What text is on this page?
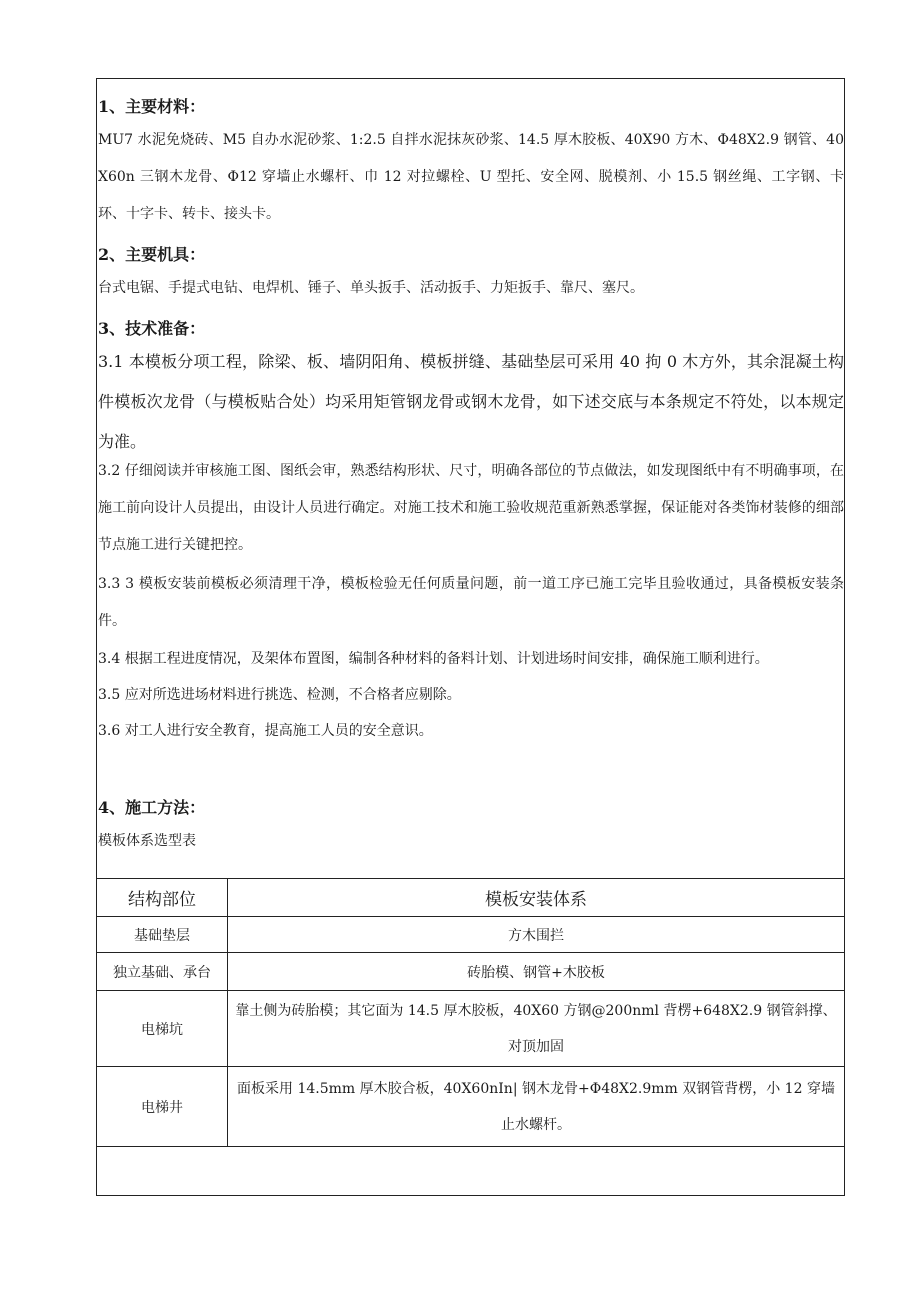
1、主要材料：
MU7 水泥免烧砖、M5 自办水泥砂浆、1:2.5 自拌水泥抹灰砂浆、14.5 厚木胶板、40X90 方木、Φ48X2.9 钢管、40X60n 三钢木龙骨、Φ12 穿墙止水螺杆、巾 12 对拉螺栓、U 型托、安全网、脱模剂、小 15.5 钢丝绳、工字钢、卡环、十字卡、转卡、接头卡。
2、主要机具：
台式电锯、手提式电钻、电焊机、锤子、单头扳手、活动扳手、力矩扳手、靠尺、塞尺。
3、技术准备：
3.1 本模板分项工程，除梁、板、墙阴阳角、模板拼缝、基础垫层可采用 40 拘 0 木方外，其余混凝土构件模板次龙骨（与模板贴合处）均采用矩管钢龙骨或钢木龙骨，如下述交底与本条规定不符处，以本规定为准。
3.2 仔细阅读并审核施工图、图纸会审，熟悉结构形状、尺寸，明确各部位的节点做法，如发现图纸中有不明确事项，在施工前向设计人员提出，由设计人员进行确定。对施工技术和施工验收规范重新熟悉掌握，保证能对各类饰材装修的细部节点施工进行关键把控。
3.3 3 模板安装前模板必须清理干净，模板检验无任何质量问题，前一道工序已施工完毕且验收通过，具备模板安装条件。
3.4 根据工程进度情况，及架体布置图，编制各种材料的备料计划、计划进场时间安排，确保施工顺利进行。
3.5 应对所选进场材料进行挑选、检测，不合格者应剔除。
3.6 对工人进行安全教育，提高施工人员的安全意识。
4、施工方法：
模板体系选型表
结构部位	模板安装体系
基础垫层	方木围拦
独立基础、承台	砖胎模、钢管+木胶板
电梯坑	靠土侧为砖胎模；其它面为 14.5 厚木胶板，40X60 方钢@200nml 背楞+648X2.9 钢管斜撑、对顶加固
电梯井	面板采用 14.5mm 厚木胶合板，40X60nIn| 钢木龙骨+Φ48X2.9mm 双钢管背楞，小 12 穿墙止水螺杆。
